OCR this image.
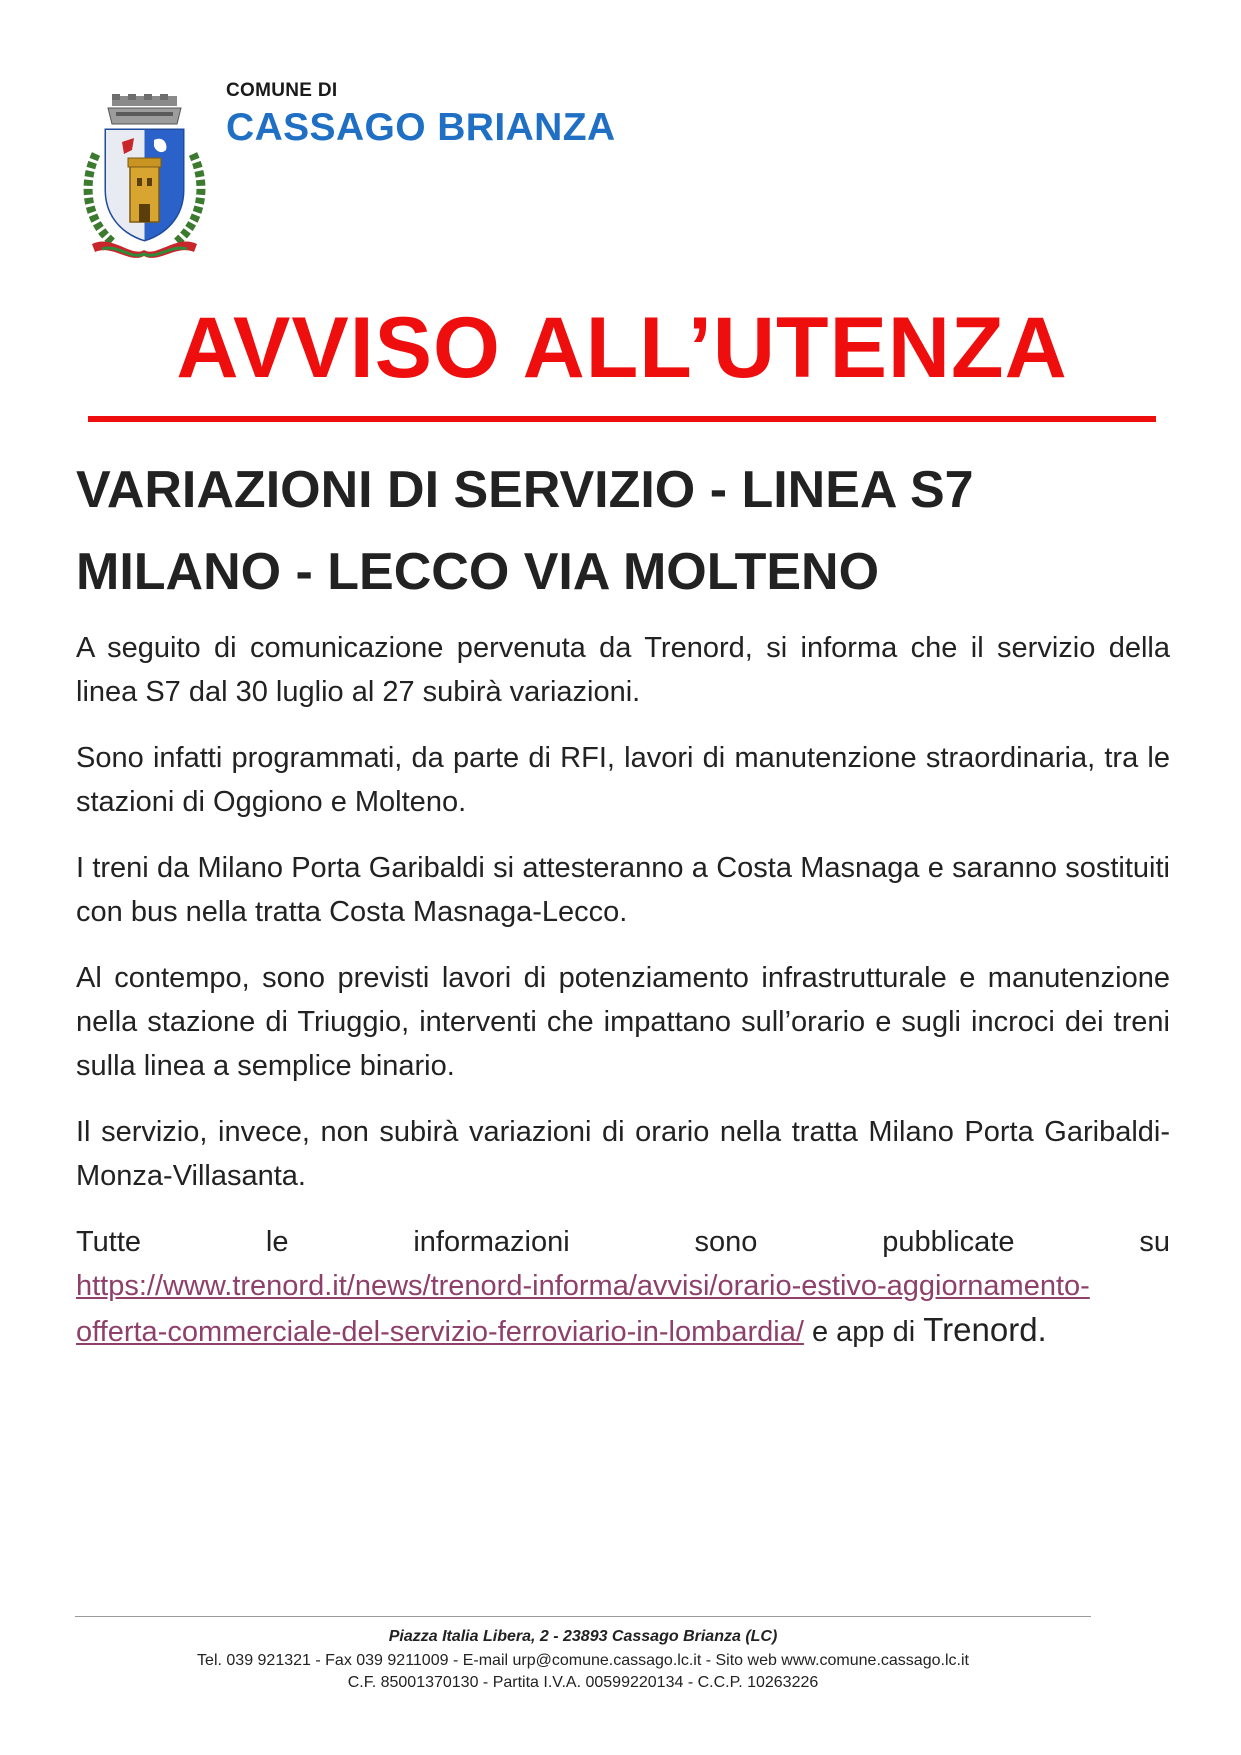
COMUNE DI
CASSAGO BRIANZA
AVVISO ALL’UTENZA
VARIAZIONI DI SERVIZIO - LINEA S7
MILANO - LECCO VIA MOLTENO

A seguito di comunicazione pervenuta da Trenord, si informa che il servizio della linea S7 dal 30 luglio al 27 subirà variazioni.

Sono infatti programmati, da parte di RFI, lavori di manutenzione straordinaria, tra le stazioni di Oggiono e Molteno.

I treni da Milano Porta Garibaldi si attesteranno a Costa Masnaga e saranno sostituiti con bus nella tratta Costa Masnaga-Lecco.

Al contempo, sono previsti lavori di potenziamento infrastrutturale e manutenzione nella stazione di Triuggio, interventi che impattano sull’orario e sugli incroci dei treni sulla linea a semplice binario.

Il servizio, invece, non subirà variazioni di orario nella tratta Milano Porta Garibaldi-Monza-Villasanta.

Tutte le informazioni sono pubblicate su

https://www.trenord.it/news/trenord-informa/avvisi/orario-estivo-aggiornamento-offerta-commerciale-del-servizio-ferroviario-in-lombardia/ e app di Trenord.

Piazza Italia Libera, 2 - 23893 Cassago Brianza (LC)
Tel. 039 921321 - Fax 039 9211009 - E-mail urp@comune.cassago.lc.it - Sito web www.comune.cassago.lc.it
C.F. 85001370130 - Partita I.V.A. 00599220134 - C.C.P. 10263226
